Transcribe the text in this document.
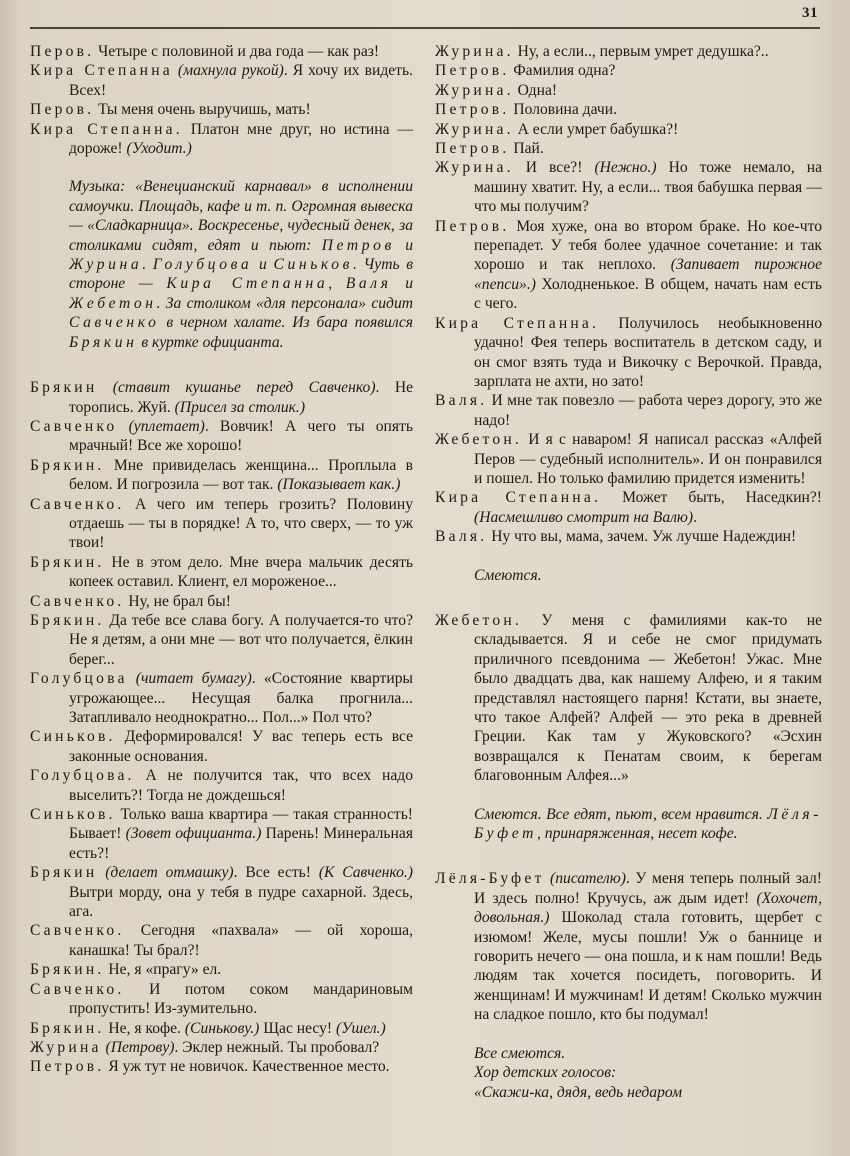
31

Перов. Четыре с половиной и два года — как раз!

Кира Степанна (махнула рукой). Я хочу их видеть. Всех!

Перов. Ты меня очень выручишь, мать!

Кира Степанна. Платон мне друг, но истина — дороже! (Уходит.)

Музыка: «Венецианский карнавал» в исполнении самоучки. Площадь, кафе и т. п. Огромная вывеска — «Сладкарница». Воскресенье, чудесный денек, за столиками сидят, едят и пьют: Петров и Журина. Голубцова и Синьков. Чуть в стороне — Кира Степанна, Валя и Жебетон. За столиком «для персонала» сидит Савченко в черном халате. Из бара появился Брякин в куртке официанта.

Брякин (ставит кушанье перед Савченко). Не торопись. Жуй. (Присел за столик.)

Савченко (уплетает). Вовчик! А чего ты опять мрачный! Все же хорошо!

Брякин. Мне привиделась женщина... Проплыла в белом. И погрозила — вот так. (Показывает как.)

Савченко. А чего им теперь грозить? Половину отдаешь — ты в порядке! А то, что сверх, — то уж твои!

Брякин. Не в этом дело. Мне вчера мальчик десять копеек оставил. Клиент, ел мороженое...

Савченко. Ну, не брал бы!

Брякин. Да тебе все слава богу. А получается-то что? Не я детям, а они мне — вот что получается, ёлкин берег...

Голубцова (читает бумагу). «Состояние квартиры угрожающее... Несущая балка прогнила... Затапливало неоднократно... Пол...» Пол что?

Синьков. Деформировался! У вас теперь есть все законные основания.

Голубцова. А не получится так, что всех надо выселить?! Тогда не дождешься!

Синьков. Только ваша квартира — такая странность! Бывает! (Зовет официанта.) Парень! Минеральная есть?!

Брякин (делает отмашку). Все есть! (К Савченко.) Вытри морду, она у тебя в пудре сахарной. Здесь, ага.

Савченко. Сегодня «пахвала» — ой хороша, канашка! Ты брал?!

Брякин. Не, я «прагу» ел.

Савченко. И потом соком мандариновым пропустить! Из-зумительно.

Брякин. Не, я кофе. (Синькову.) Щас несу! (Ушел.)

Журина (Петрову). Эклер нежный. Ты пробовал?

Петров. Я уж тут не новичок. Качественное место.

Журина. Ну, а если.., первым умрет дедушка?..

Петров. Фамилия одна?

Журина. Одна!

Петров. Половина дачи.

Журина. А если умрет бабушка?!

Петров. Пай.

Журина. И все?! (Нежно.) Но тоже немало, на машину хватит. Ну, а если... твоя бабушка первая — что мы получим?

Петров. Моя хуже, она во втором браке. Но кое-что перепадет. У тебя более удачное сочетание: и так хорошо и так неплохо. (Запивает пирожное «пепси».) Холодненькое. В общем, начать нам есть с чего.

Кира Степанна. Получилось необыкновенно удачно! Фея теперь воспитатель в детском саду, и он смог взять туда и Викочку с Верочкой. Правда, зарплата не ахти, но зато!

Валя. И мне так повезло — работа через дорогу, это же надо!

Жебетон. И я с наваром! Я написал рассказ «Алфей Перов — судебный исполнитель». И он понравился и пошел. Но только фамилию придется изменить!

Кира Степанна. Может быть, Наседкин?! (Насмешливо смотрит на Валю).

Валя. Ну что вы, мама, зачем. Уж лучше Надеждин!

Смеются.

Жебетон. У меня с фамилиями как-то не складывается. Я и себе не смог придумать приличного псевдонима — Жебетон! Ужас. Мне было двадцать два, как нашему Алфею, и я таким представлял настоящего парня! Кстати, вы знаете, что такое Алфей? Алфей — это река в древней Греции. Как там у Жуковского? «Эсхин возвращался к Пенатам своим, к берегам благовонным Алфея...»

Смеются. Все едят, пьют, всем нравится. Лёля-Буфет, принаряженная, несет кофе.

Лёля-Буфет (писателю). У меня теперь полный зал! И здесь полно! Кручусь, аж дым идет! (Хохочет, довольная.) Шоколад стала готовить, щербет с изюмом! Желе, мусы пошли! Уж о баннице и говорить нечего — она пошла, и к нам пошли! Ведь людям так хочется посидеть, поговорить. И женщинам! И мужчинам! И детям! Сколько мужчин на сладкое пошло, кто бы подумал!

Все смеются.
Хор детских голосов:
«Скажи-ка, дядя, ведь недаром
